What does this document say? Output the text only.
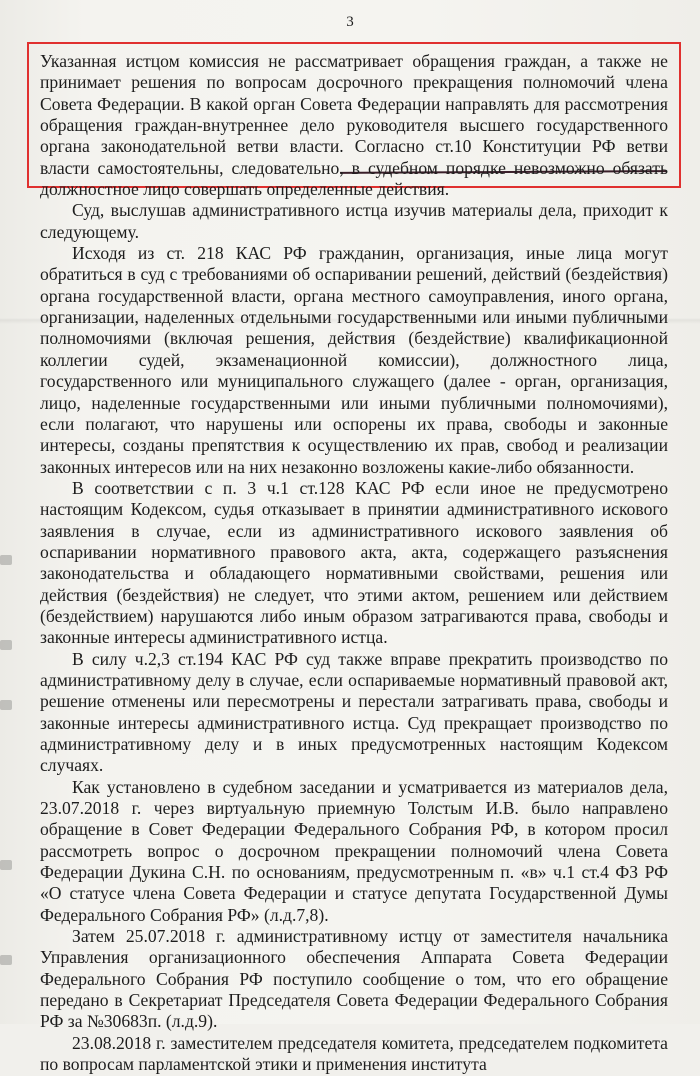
3

Указанная истцом комиссия не рассматривает обращения граждан, а также не принимает решения по вопросам досрочного прекращения полномочий члена Совета Федерации. В какой орган Совета Федерации направлять для рассмотрения обращения граждан-внутреннее дело руководителя высшего государственного органа законодательной ветви власти. Согласно ст.10 Конституции РФ ветви власти самостоятельны, следовательно, в судебном порядке невозможно обязать должностное лицо совершать определенные действия.

Суд, выслушав административного истца изучив материалы дела, приходит к следующему.

Исходя из ст. 218 КАС РФ гражданин, организация, иные лица могут обратиться в суд с требованиями об оспаривании решений, действий (бездействия) органа государственной власти, органа местного самоуправления, иного органа, организации, наделенных отдельными государственными или иными публичными полномочиями (включая решения, действия (бездействие) квалификационной коллегии судей, экзаменационной комиссии), должностного лица, государственного или муниципального служащего (далее - орган, организация, лицо, наделенные государственными или иными публичными полномочиями), если полагают, что нарушены или оспорены их права, свободы и законные интересы, созданы препятствия к осуществлению их прав, свобод и реализации законных интересов или на них незаконно возложены какие-либо обязанности.

В соответствии с п. 3 ч.1 ст.128 КАС РФ если иное не предусмотрено настоящим Кодексом, судья отказывает в принятии административного искового заявления в случае, если из административного искового заявления об оспаривании нормативного правового акта, акта, содержащего разъяснения законодательства и обладающего нормативными свойствами, решения или действия (бездействия) не следует, что этими актом, решением или действием (бездействием) нарушаются либо иным образом затрагиваются права, свободы и законные интересы административного истца.

В силу ч.2,3 ст.194 КАС РФ суд также вправе прекратить производство по административному делу в случае, если оспариваемые нормативный правовой акт, решение отменены или пересмотрены и перестали затрагивать права, свободы и законные интересы административного истца. Суд прекращает производство по административному делу и в иных предусмотренных настоящим Кодексом случаях.

Как установлено в судебном заседании и усматривается из материалов дела, 23.07.2018 г. через виртуальную приемную Толстым И.В. было направлено обращение в Совет Федерации Федерального Собрания РФ, в котором просил рассмотреть вопрос о досрочном прекращении полномочий члена Совета Федерации Дукина С.Н. по основаниям, предусмотренным п. «в» ч.1 ст.4 ФЗ РФ «О статусе члена Совета Федерации и статусе депутата Государственной Думы Федерального Собрания РФ» (л.д.7,8).

Затем 25.07.2018 г. административному истцу от заместителя начальника Управления организационного обеспечения Аппарата Совета Федерации Федерального Собрания РФ поступило сообщение о том, что его обращение передано в Секретариат Председателя Совета Федерации Федерального Собрания РФ за №30683п. (л.д.9).

23.08.2018 г. заместителем председателя комитета, председателем подкомитета по вопросам парламентской этики и применения института
